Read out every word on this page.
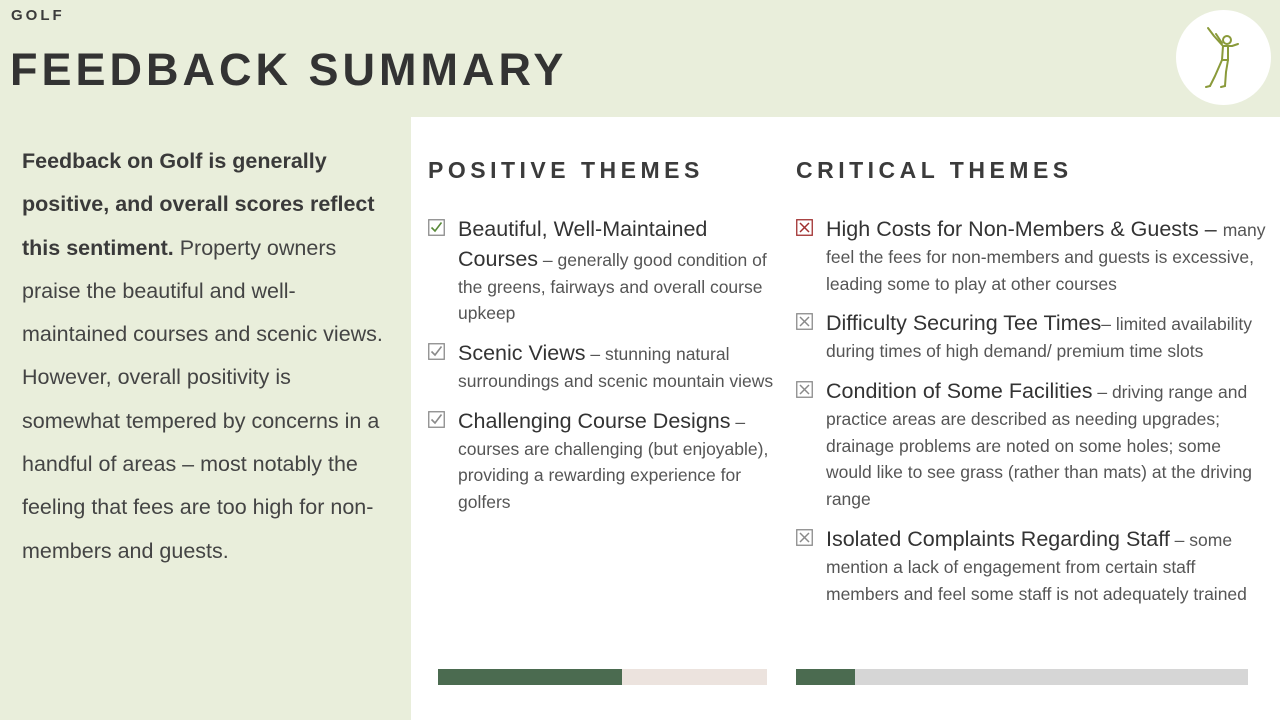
GOLF
FEEDBACK SUMMARY
Feedback on Golf is generally positive, and overall scores reflect this sentiment. Property owners praise the beautiful and well-maintained courses and scenic views. However, overall positivity is somewhat tempered by concerns in a handful of areas – most notably the feeling that fees are too high for non-members and guests.
POSITIVE THEMES
Beautiful, Well-Maintained Courses – generally good condition of the greens, fairways and overall course upkeep
Scenic Views – stunning natural surroundings and scenic mountain views
Challenging Course Designs – courses are challenging (but enjoyable), providing a rewarding experience for golfers
CRITICAL THEMES
High Costs for Non-Members & Guests – many feel the fees for non-members and guests is excessive, leading some to play at other courses
Difficulty Securing Tee Times– limited availability during times of high demand/ premium time slots
Condition of Some Facilities – driving range and practice areas are described as needing upgrades; drainage problems are noted on some holes; some would like to see grass (rather than mats) at the driving range
Isolated Complaints Regarding Staff – some mention a lack of engagement from certain staff members and feel some staff is not adequately trained
